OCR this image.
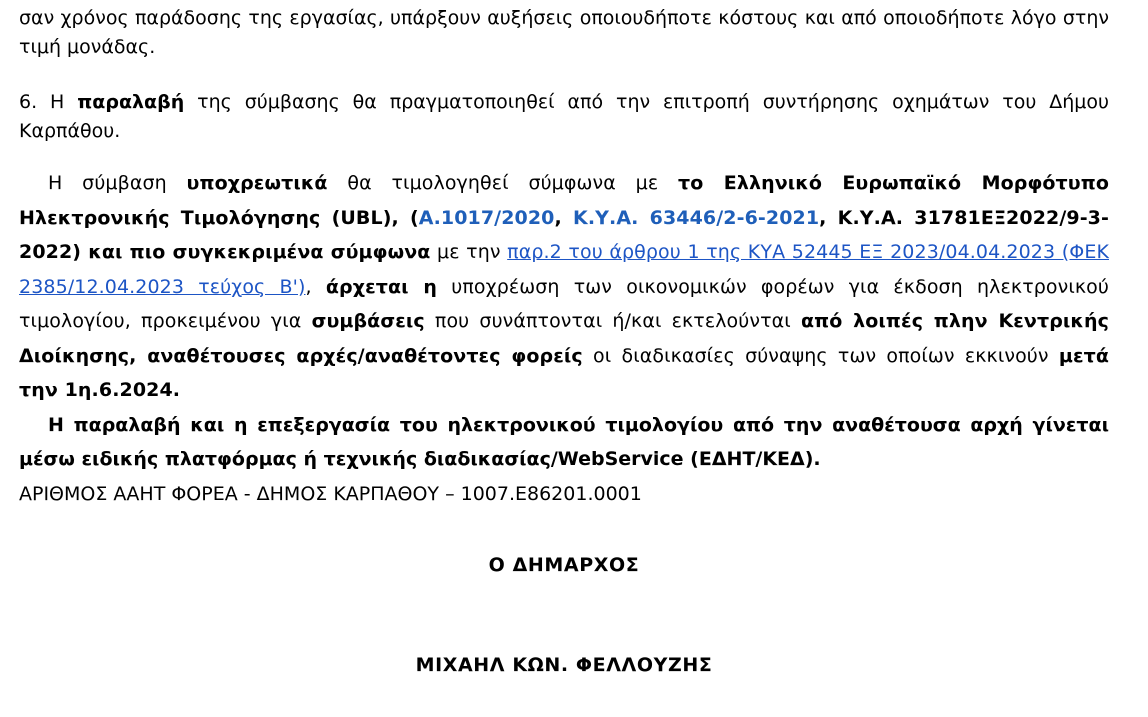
σαν χρόνος παράδοσης της εργασίας, υπάρξουν αυξήσεις οποιουδήποτε κόστους και από οποιοδήποτε λόγο στην τιμή μονάδας.

6. Η παραλαβή της σύμβασης θα πραγματοποιηθεί από την επιτροπή συντήρησης οχημάτων του Δήμου Καρπάθου.

Η σύμβαση υποχρεωτικά θα τιμολογηθεί σύμφωνα με το Ελληνικό Ευρωπαϊκό Μορφότυπο Ηλεκτρονικής Τιμολόγησης (UBL), (Α.1017/2020, Κ.Υ.Α. 63446/2-6-2021, Κ.Υ.Α. 31781ΕΞ2022/9-3-2022) και πιο συγκεκριμένα σύμφωνα με την παρ.2 του άρθρου 1 της ΚΥΑ 52445 ΕΞ 2023/04.04.2023 (ΦΕΚ 2385/12.04.2023 τεύχος Β'), άρχεται η υποχρέωση των οικονομικών φορέων για έκδοση ηλεκτρονικού τιμολογίου, προκειμένου για συμβάσεις που συνάπτονται ή/και εκτελούνται από λοιπές πλην Κεντρικής Διοίκησης, αναθέτουσες αρχές/αναθέτοντες φορείς οι διαδικασίες σύναψης των οποίων εκκινούν μετά την 1η.6.2024.

Η παραλαβή και η επεξεργασία του ηλεκτρονικού τιμολογίου από την αναθέτουσα αρχή γίνεται μέσω ειδικής πλατφόρμας ή τεχνικής διαδικασίας/WebService (ΕΔΗΤ/ΚΕΔ).

ΑΡΙΘΜΟΣ ΑΑΗΤ ΦΟΡΕΑ - ΔΗΜΟΣ ΚΑΡΠΑΘΟΥ – 1007.Ε86201.0001

Ο ΔΗΜΑΡΧΟΣ
ΜΙΧΑΗΛ ΚΩΝ. ΦΕΛΛΟΥΖΗΣ
